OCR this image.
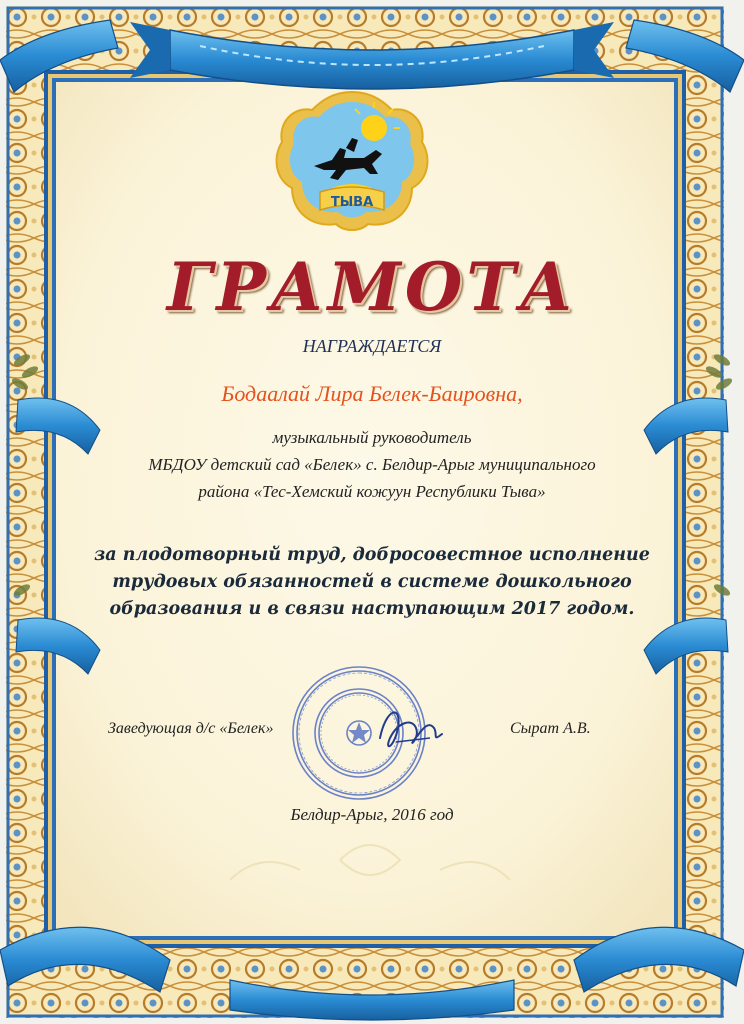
ТЫВА
ГРАМОТА
НАГРАЖДАЕТСЯ
Бодаалай Лира Белек-Баировна,
музыкальный руководитель
МБДОУ детский сад «Белек» с. Белдир-Арыг муниципального
района «Тес-Хемский кожуун Республики Тыва»
за плодотворный труд, добросовестное исполнение
трудовых обязанностей в системе дошкольного
образования и в связи наступающим 2017 годом.
Заведующая д/с «Белек»	Сырат А.В.
Белдир-Арыг, 2016 год
